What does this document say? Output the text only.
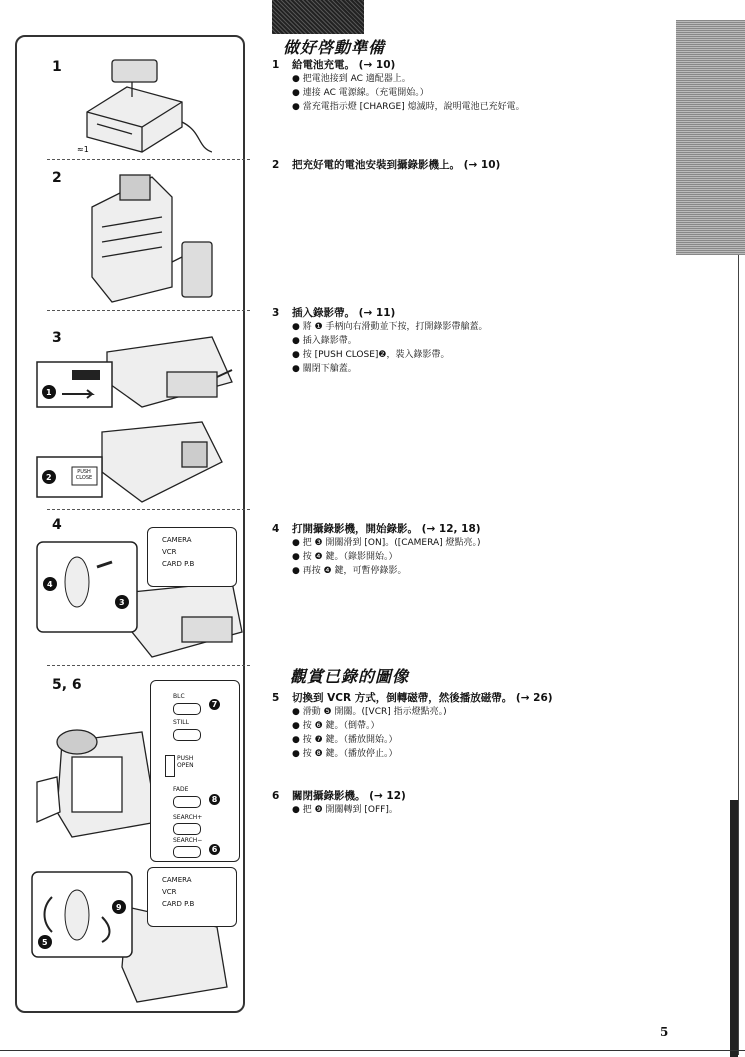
1
2
3
4
5, 6
≈1
1
2
PUSH CLOSE
4
3
CAMERA
VCR
CARD P.B
BLC
7
STILL
PUSH OPEN
FADE
8
SEARCH+
SEARCH−
6
5
9
CAMERA
VCR
CARD P.B
做好啓動準備
1 給電池充電。 (→ 10)
● 把電池接到 AC 適配器上。
● 連接 AC 電源線。（充電開始。）
● 當充電指示燈 [CHARGE] 熄滅時，說明電池已充好電。
2 把充好電的電池安裝到攝錄影機上。 (→ 10)
3 插入錄影帶。 (→ 11)
● 將 ❶ 手柄向右滑動並下按，打開錄影帶艙蓋。
● 插入錄影帶。
● 按 [PUSH CLOSE]❷，裝入錄影帶。
● 關閉下艙蓋。
4 打開攝錄影機，開始錄影。 (→ 12, 18)
● 把 ❸ 開關滑到 [ON]。([CAMERA] 燈點亮。)
● 按 ❹ 鍵。（錄影開始。）
● 再按 ❹ 鍵，可暫停錄影。
觀賞已錄的圖像
5 切換到 VCR 方式，倒轉磁帶，然後播放磁帶。 (→ 26)
● 滑動 ❺ 開關。([VCR] 指示燈點亮。)
● 按 ❻ 鍵。（倒帶。）
● 按 ❼ 鍵。（播放開始。）
● 按 ❽ 鍵。（播放停止。）
6 關閉攝錄影機。 (→ 12)
● 把 ❾ 開關轉到 [OFF]。
5
